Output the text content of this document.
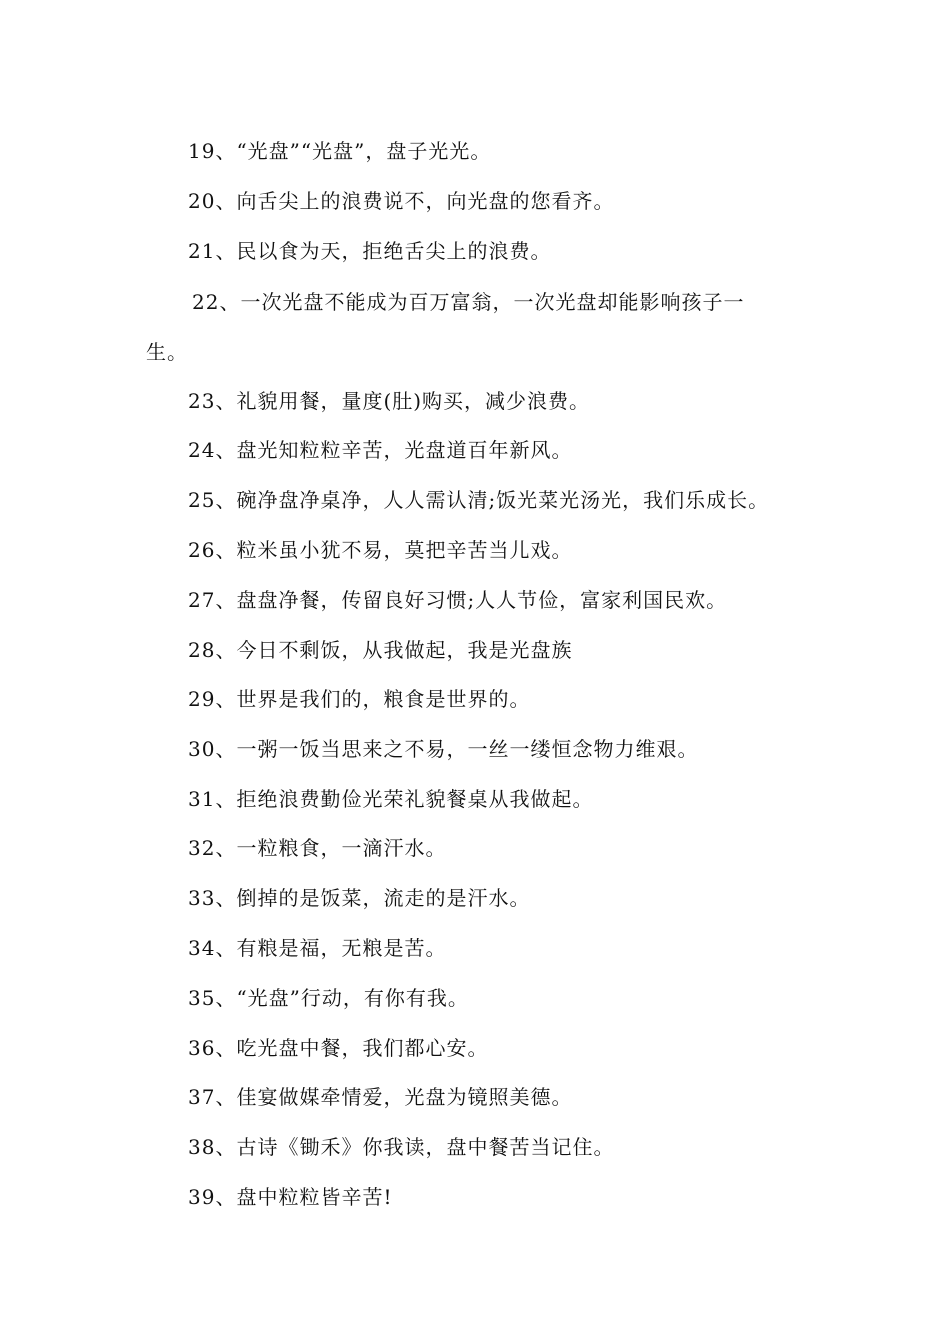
19、“光盘”“光盘”，盘子光光。
20、向舌尖上的浪费说不，向光盘的您看齐。
21、民以食为天，拒绝舌尖上的浪费。
22、一次光盘不能成为百万富翁，一次光盘却能影响孩子一
生。
23、礼貌用餐，量度(肚)购买，减少浪费。
24、盘光知粒粒辛苦，光盘道百年新风。
25、碗净盘净桌净，人人需认清;饭光菜光汤光，我们乐成长。
26、粒米虽小犹不易，莫把辛苦当儿戏。
27、盘盘净餐，传留良好习惯;人人节俭，富家利国民欢。
28、今日不剩饭，从我做起，我是光盘族
29、世界是我们的，粮食是世界的。
30、一粥一饭当思来之不易，一丝一缕恒念物力维艰。
31、拒绝浪费勤俭光荣礼貌餐桌从我做起。
32、一粒粮食，一滴汗水。
33、倒掉的是饭菜，流走的是汗水。
34、有粮是福，无粮是苦。
35、“光盘”行动，有你有我。
36、吃光盘中餐，我们都心安。
37、佳宴做媒牵情爱，光盘为镜照美德。
38、古诗《锄禾》你我读，盘中餐苦当记住。
39、盘中粒粒皆辛苦!
